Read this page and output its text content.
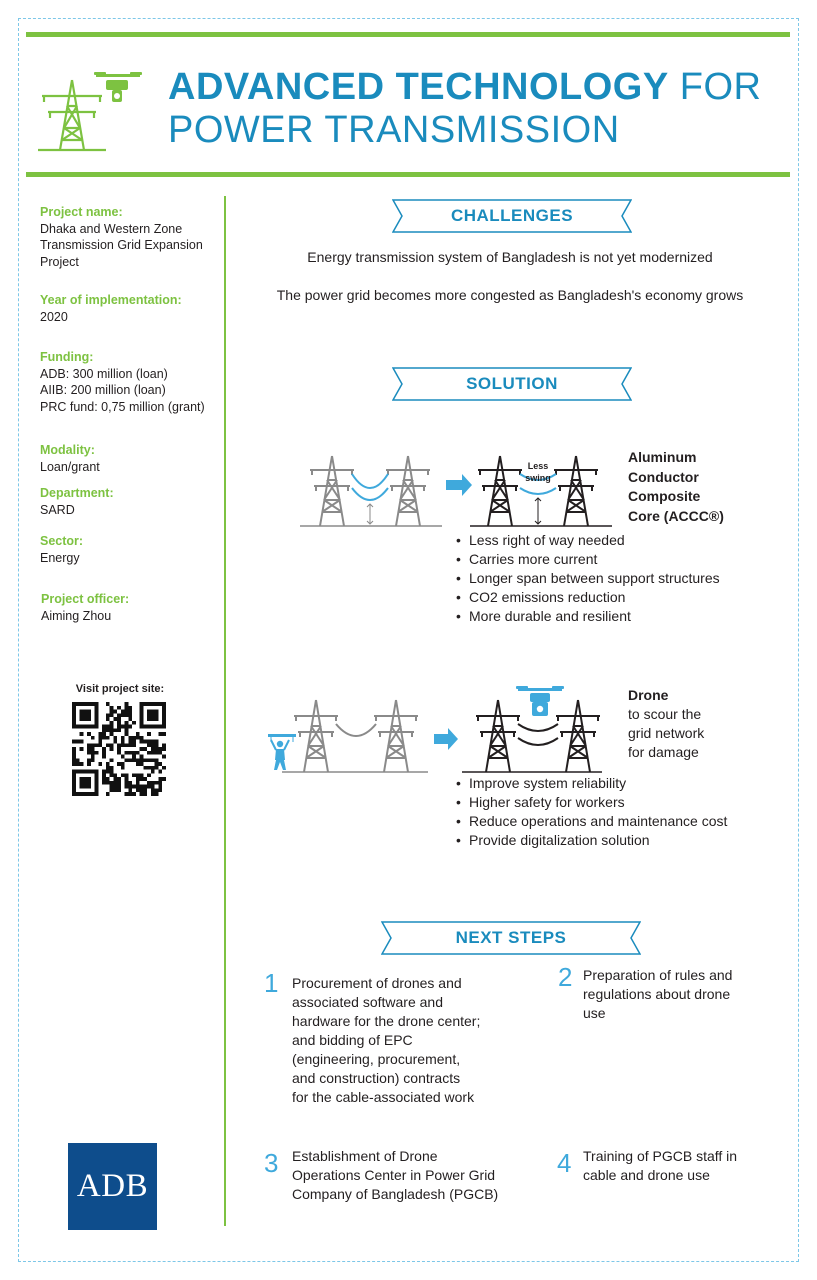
ADVANCED TECHNOLOGY FOR
POWER TRANSMISSION
Project name:
Dhaka and Western Zone
Transmission Grid Expansion
Project
Year of implementation:
2020
Funding:
ADB: 300 million (loan)
AIIB: 200 million (loan)
PRC fund: 0,75 million (grant)
Modality:
Loan/grant
Department:
SARD
Sector:
Energy
Project officer:
Aiming Zhou
Visit project site:
ADB
CHALLENGES
Energy transmission system of Bangladesh is not yet modernized
The power grid becomes more congested as Bangladesh's economy grows
SOLUTION
Less
swing
Aluminum
Conductor
Composite
Core (ACCC®)
• Less right of way needed
• Carries more current
• Longer span between support structures
• CO2 emissions reduction
• More durable and resilient
Drone
to scour the
grid network
for damage
• Improve system reliability
• Higher safety for workers
• Reduce operations and maintenance cost
• Provide digitalization solution
NEXT STEPS
1 Procurement of drones and
associated software and
hardware for the drone center;
and bidding of EPC
(engineering, procurement,
and construction) contracts
for the cable-associated work
2 Preparation of rules and
regulations about drone
use
3 Establishment of Drone
Operations Center in Power Grid
Company of Bangladesh (PGCB)
4 Training of PGCB staff in
cable and drone use
